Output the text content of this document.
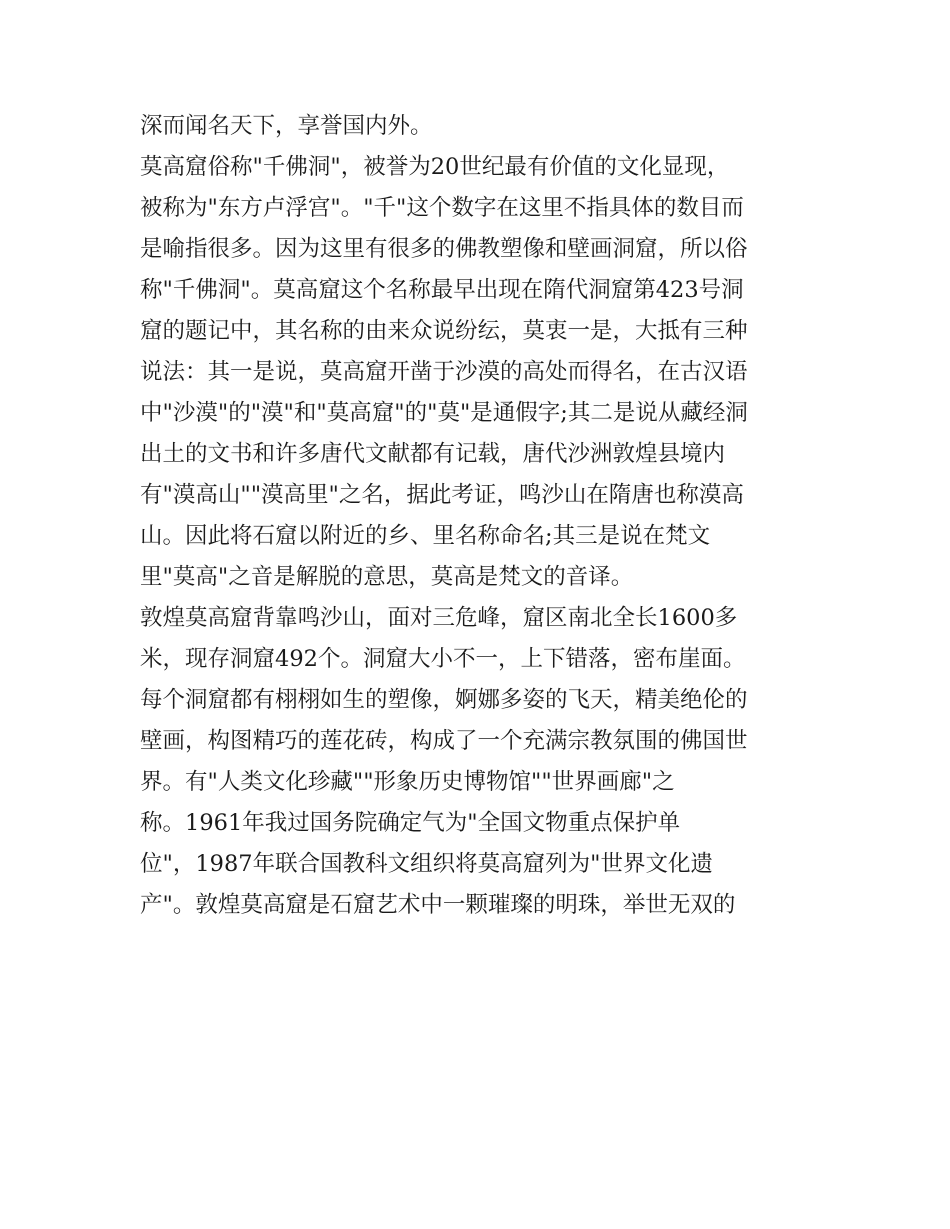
深而闻名天下，享誉国内外。
莫高窟俗称"千佛洞"，被誉为20世纪最有价值的文化显现，
被称为"东方卢浮宫"。"千"这个数字在这里不指具体的数目而
是喻指很多。因为这里有很多的佛教塑像和壁画洞窟，所以俗
称"千佛洞"。莫高窟这个名称最早出现在隋代洞窟第423号洞
窟的题记中，其名称的由来众说纷纭，莫衷一是，大抵有三种
说法：其一是说，莫高窟开凿于沙漠的高处而得名，在古汉语
中"沙漠"的"漠"和"莫高窟"的"莫"是通假字;其二是说从藏经洞
出土的文书和许多唐代文献都有记载，唐代沙洲敦煌县境内
有"漠高山""漠高里"之名，据此考证，鸣沙山在隋唐也称漠高
山。因此将石窟以附近的乡、里名称命名;其三是说在梵文
里"莫高"之音是解脱的意思，莫高是梵文的音译。
敦煌莫高窟背靠鸣沙山，面对三危峰，窟区南北全长1600多
米，现存洞窟492个。洞窟大小不一，上下错落，密布崖面。
每个洞窟都有栩栩如生的塑像，婀娜多姿的飞天，精美绝伦的
壁画，构图精巧的莲花砖，构成了一个充满宗教氛围的佛国世
界。有"人类文化珍藏""形象历史博物馆""世界画廊"之
称。1961年我过国务院确定气为"全国文物重点保护单
位"，1987年联合国教科文组织将莫高窟列为"世界文化遗
产"。敦煌莫高窟是石窟艺术中一颗璀璨的明珠，举世无双的
